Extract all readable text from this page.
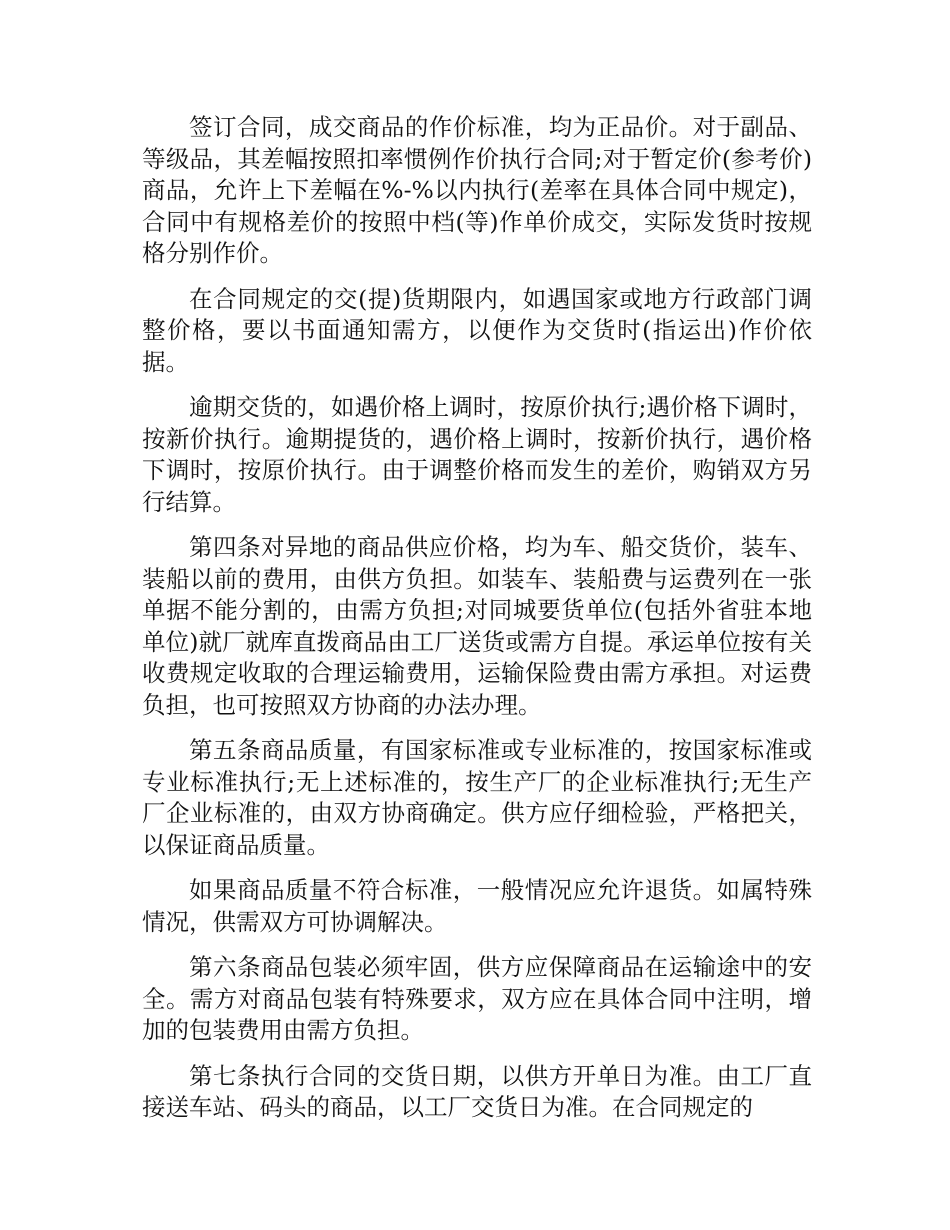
签订合同，成交商品的作价标准，均为正品价。对于副品、等级品，其差幅按照扣率惯例作价执行合同;对于暂定价(参考价)商品，允许上下差幅在%-%以内执行(差率在具体合同中规定)，合同中有规格差价的按照中档(等)作单价成交，实际发货时按规格分别作价。

在合同规定的交(提)货期限内，如遇国家或地方行政部门调整价格，要以书面通知需方，以便作为交货时(指运出)作价依据。

逾期交货的，如遇价格上调时，按原价执行;遇价格下调时，按新价执行。逾期提货的，遇价格上调时，按新价执行，遇价格下调时，按原价执行。由于调整价格而发生的差价，购销双方另行结算。

第四条对异地的商品供应价格，均为车、船交货价，装车、装船以前的费用，由供方负担。如装车、装船费与运费列在一张单据不能分割的，由需方负担;对同城要货单位(包括外省驻本地单位)就厂就库直拨商品由工厂送货或需方自提。承运单位按有关收费规定收取的合理运输费用，运输保险费由需方承担。对运费负担，也可按照双方协商的办法办理。

第五条商品质量，有国家标准或专业标准的，按国家标准或专业标准执行;无上述标准的，按生产厂的企业标准执行;无生产厂企业标准的，由双方协商确定。供方应仔细检验，严格把关，以保证商品质量。

如果商品质量不符合标准，一般情况应允许退货。如属特殊情况，供需双方可协调解决。

第六条商品包装必须牢固，供方应保障商品在运输途中的安全。需方对商品包装有特殊要求，双方应在具体合同中注明，增加的包装费用由需方负担。

第七条执行合同的交货日期，以供方开单日为准。由工厂直接送车站、码头的商品，以工厂交货日为准。在合同规定的
